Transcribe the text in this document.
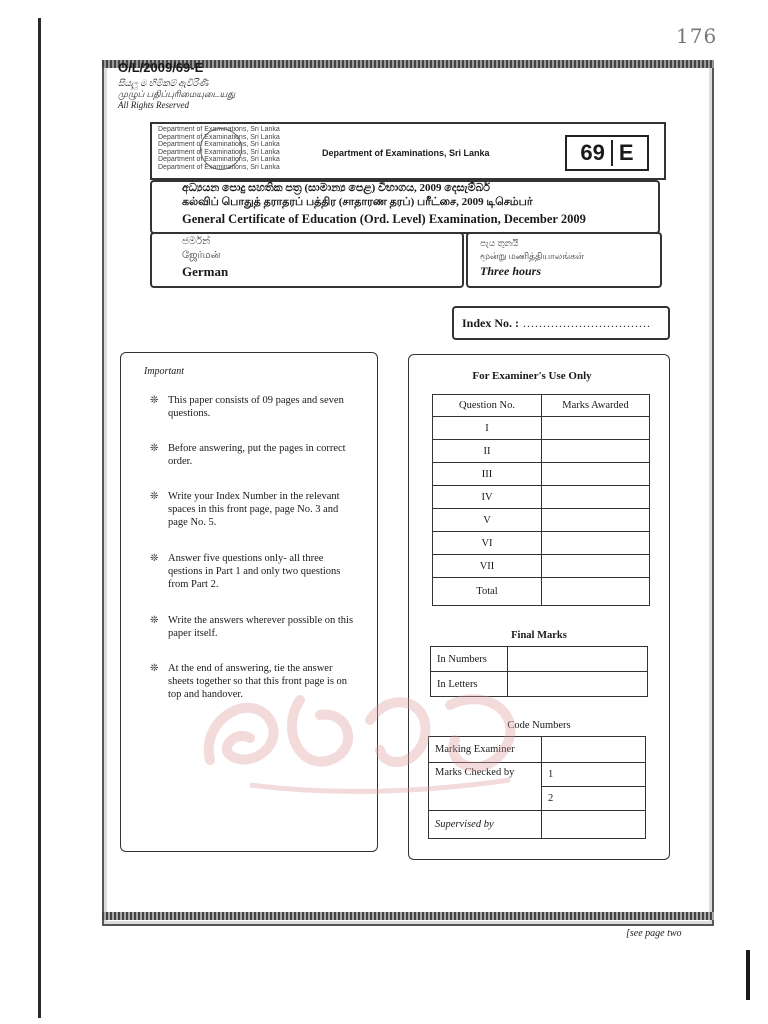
176
O/L/2009/69-E
සියලු ම හිමිකම් ඇවිරිණි
முழுப் பதிப்புரிமையுடையது
All Rights Reserved
Department of Examinations, Sri Lanka
Department of Examinations, Sri Lanka
Department of Examinations, Sri Lanka
Department of Examinations, Sri Lanka
Department of Examinations, Sri Lanka
Department of Examinations, Sri Lanka
Department of Examinations, Sri Lanka	69 E
අධ්‍යයන පොදු සහතික පත්‍ර (සාමාන්‍ය පෙළ) විභාගය, 2009 දෙසැම්බර්
கல்விப் பொதுத் தராதரப் பத்திர (சாதாரண தரப்) பரீட்சை, 2009 டிசெம்பர்
General Certificate of Education (Ord. Level) Examination, December 2009
ජර්මන්
ஜேர்மன்
German
පැය තුනයි
மூன்று மணித்தியாலங்கள்
Three hours
Index No. : ................................
Important
❊ This paper consists of 09 pages and seven questions.
❊ Before answering, put the pages in correct order.
❊ Write your Index Number in the relevant spaces in this front page, page No. 3 and page No. 5.
❊ Answer five questions only- all three qestions in Part 1 and only two questions from Part 2.
❊ Write the answers wherever possible on this paper itself.
❊ At the end of answering, tie the answer sheets together so that this front page is on top and handover.
For Examiner's Use Only
Question No.	Marks Awarded
I	
II	
III	
IV	
V	
VI	
VII	
Total	
Final Marks
In Numbers	
In Letters	
Code Numbers
Marking Examiner	
Marks Checked by	1
	2
Supervised by	
[see page two
